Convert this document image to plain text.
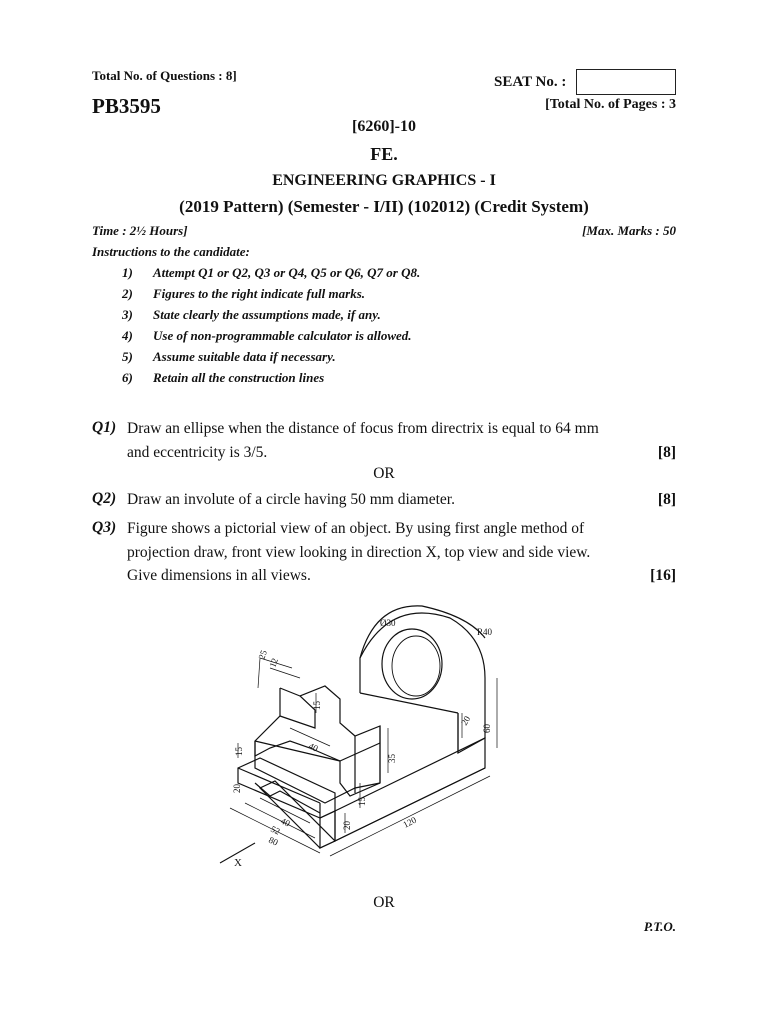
Total No. of Questions : 8]	SEAT No. :
PB3595	[Total No. of Pages : 3
[6260]-10
FE.
ENGINEERING GRAPHICS - I
(2019 Pattern) (Semester - I/II) (102012) (Credit System)
Time : 2½ Hours]	[Max. Marks : 50
Instructions to the candidate:
1) Attempt Q1 or Q2, Q3 or Q4, Q5 or Q6, Q7 or Q8.
2) Figures to the right indicate full marks.
3) State clearly the assumptions made, if any.
4) Use of non-programmable calculator is allowed.
5) Assume suitable data if necessary.
6) Retain all the construction lines
Q1) Draw an ellipse when the distance of focus from directrix is equal to 64 mm
and eccentricity is 3/5.	[8]
OR
Q2) Draw an involute of a circle having 50 mm diameter.	[8]
Q3) Figure shows a pictorial view of an object. By using first angle method of
projection draw, front view looking in direction X, top view and side view.
Give dimensions in all views.	[16]
Ø30
R40
25
12
15
40
35
20
60
15
15
20	120
40
52
80
20
X
OR
P.T.O.
